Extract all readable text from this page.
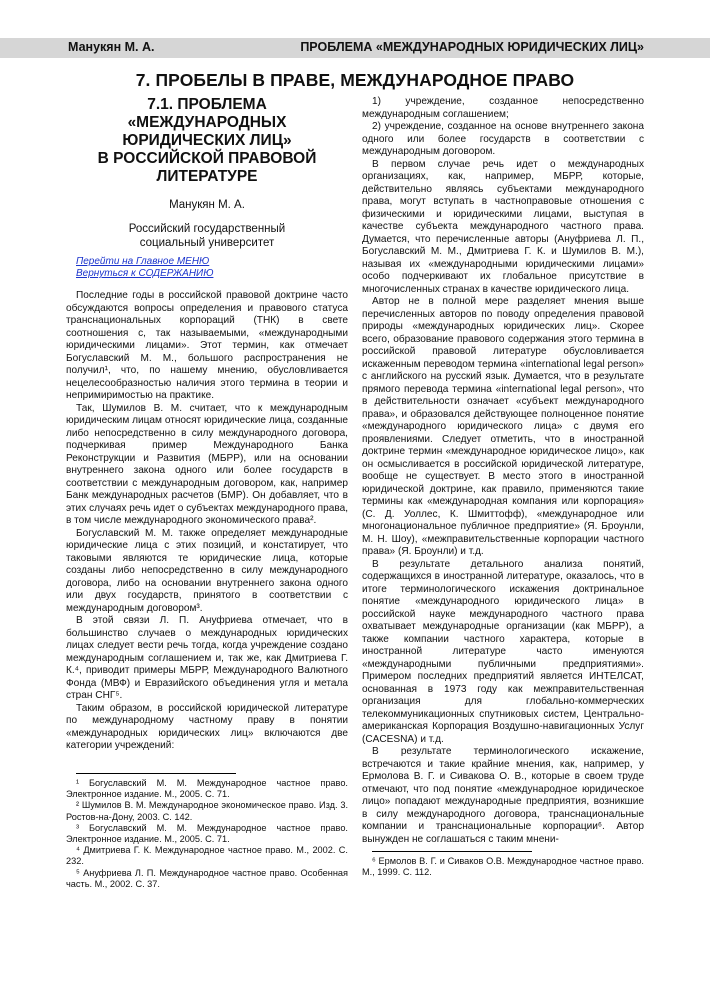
Манукян М. А.	ПРОБЛЕМА «МЕЖДУНАРОДНЫХ ЮРИДИЧЕСКИХ ЛИЦ»
7. ПРОБЕЛЫ В ПРАВЕ, МЕЖДУНАРОДНОЕ ПРАВО
7.1. ПРОБЛЕМА
«МЕЖДУНАРОДНЫХ
ЮРИДИЧЕСКИХ ЛИЦ»
В РОССИЙСКОЙ ПРАВОВОЙ
ЛИТЕРАТУРЕ
Манукян М. А.
Российский государственный
социальный университет
Перейти на Главное МЕНЮ
Вернуться к СОДЕРЖАНИЮ

Последние годы в российской правовой доктрине часто обсуждаются вопросы определения и правового статуса транснациональных корпораций (ТНК) в свете соотношения с, так называемыми, «международными юридическими лицами». Этот термин, как отмечает Богуславский М. М., большого распространения не получил¹, что, по нашему мнению, обусловливается нецелесообразностью наличия этого термина в теории и непримиримостью на практике.

Так, Шумилов В. М. считает, что к международным юридическим лицам относят юридические лица, созданные либо непосредственно в силу международного договора, подчеркивая пример Международного Банка Реконструкции и Развития (МБРР), или на основании внутреннего закона одного или более государств в соответствии с международным договором, как, например Банк международных расчетов (БМР). Он добавляет, что в этих случаях речь идет о субъектах международного права, в том числе международного экономического права².

Богуславский М. М. также определяет международные юридические лица с этих позиций, и констатирует, что таковыми являются те юридические лица, которые созданы либо непосредственно в силу международного договора, либо на основании внутреннего закона одного или двух государств, принятого в соответствии с международным договором³.

В этой связи Л. П. Ануфриева отмечает, что в большинство случаев о международных юридических лицах следует вести речь тогда, когда учреждение создано международным соглашением и, так же, как Дмитриева Г. К.⁴, приводит примеры МБРР, Международного Валютного Фонда (МВФ) и Евразийского объединения угля и метала стран СНГ⁵.

Таким образом, в российской юридической литературе по международному частному праву в понятии «международных юридических лиц» включаются две категории учреждений:

¹ Богуславский М. М. Международное частное право. Электронное издание. М., 2005. С. 71.

² Шумилов В. М. Международное экономическое право. Изд. 3. Ростов-на-Дону, 2003. С. 142.

³ Богуславский М. М. Международное частное право. Электронное издание. М., 2005. С. 71.

⁴ Дмитриева Г. К. Международное частное право. М., 2002. С. 232.

⁵ Ануфриева Л. П. Международное частное право. Особенная часть. М., 2002. С. 37.

1) учреждение, созданное непосредственно международным соглашением;

2) учреждение, созданное на основе внутреннего закона одного или более государств в соответствии с международным договором.

В первом случае речь идет о международных организациях, как, например, МБРР, которые, действительно являясь субъектами международного права, могут вступать в частноправовые отношения с физическими и юридическими лицами, выступая в качестве субъекта международного частного права. Думается, что перечисленные авторы (Ануфриева Л. П., Богуславский М. М., Дмитриева Г. К. и Шумилов В. М.), называя их «международными юридическими лицами» особо подчеркивают их глобальное присутствие в многочисленных странах в качестве юридического лица.

Автор не в полной мере разделяет мнения выше перечисленных авторов по поводу определения правовой природы «международных юридических лиц». Скорее всего, образование правового содержания этого термина в российской правовой литературе обусловливается искаженным переводом термина «international legal person» с английского на русский язык. Думается, что в результате прямого перевода термина «international legal person», что в действительности означает «субъект международного права», и образовался действующее полноценное понятие «международного юридического лица» с двумя его проявлениями. Следует отметить, что в иностранной доктрине термин «международное юридическое лицо», как он осмысливается в российской юридической литературе, вообще не существует. В место этого в иностранной юридической доктрине, как правило, применяются такие термины как «международная компания или корпорация» (С. Д. Уоллес, К. Шмиттофф), «международное или многонациональное публичное предприятие» (Я. Броунли, М. Н. Шоу), «межправительственные корпорации частного права» (Я. Броунли) и т.д.

В результате детального анализа понятий, содержащихся в иностранной литературе, оказалось, что в итоге терминологического искажения доктринальное понятие «международного юридического лица» в российской науке международного частного права охватывает международные организации (как МБРР), а также компании частного характера, которые в иностранной литературе часто именуются «международными публичными предприятиями». Примером последних предприятий является ИНТЕЛСАТ, основанная в 1973 году как межправительственная организация для глобально-коммерческих телекоммуникационных спутниковых систем, Центрально-американская Корпорация Воздушно-навигационных Услуг (CACESNA) и т.д.

В результате терминологического искажение, встречаются и такие крайние мнения, как, например, у Ермолова В. Г. и Сивакова О. В., которые в своем труде отмечают, что под понятие «международное юридическое лицо» попадают международные предприятия, возникшие в силу международного договора, транснациональные компании и транснациональные корпорации⁶. Автор вынужден не соглашаться с таким мнени-

⁶ Ермолов В. Г. и Сиваков О.В. Международное частное право. М., 1999. С. 112.
